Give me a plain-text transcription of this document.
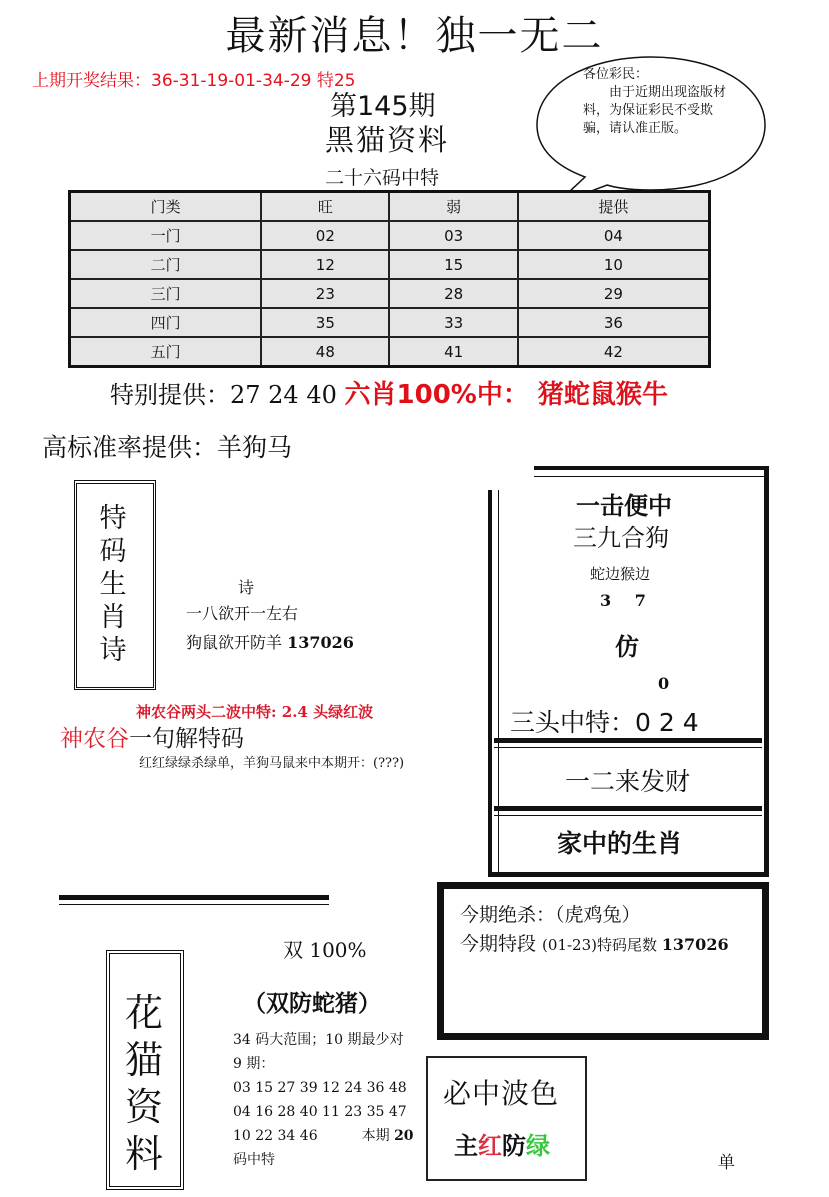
最新消息！独一无二
上期开奖结果：36-31-19-01-34-29 特25
第145期
黑猫资料
二十六码中特
各位彩民：
由于近期出现盗版材料，为保证彩民不受欺骗，请认准正版。
门类	旺	弱	提供
一门	02	03	04
二门	12	15	10
三门	23	28	29
四门	35	33	36
五门	48	41	42
特别提供：27 24 40 六肖100%中： 猪蛇鼠猴牛
高标准率提供：羊狗马
特
码
生
肖
诗
诗
一八欲开一左右
狗鼠欲开防羊 137026
一击便中
三九合狗
蛇边猴边
3 7
仿
0
三头中特：0 2 4
一二来发财
家中的生肖
神农谷两头二波中特: 2.4 头绿红波
神农谷一句解特码
红红绿绿杀绿单，羊狗马鼠来中本期开：(???)
今期绝杀：（虎鸡兔）
今期特段 (01-23)特码尾数 137026
双 100%
（双防蛇猪）
花
猫
资
料
34 码大范围；10 期最少对
9 期：
03 15 27 39 12 24 36 48
04 16 28 40 11 23 35 47
10 22 34 46	本期 20
码中特
必中波色
主红防绿
单
